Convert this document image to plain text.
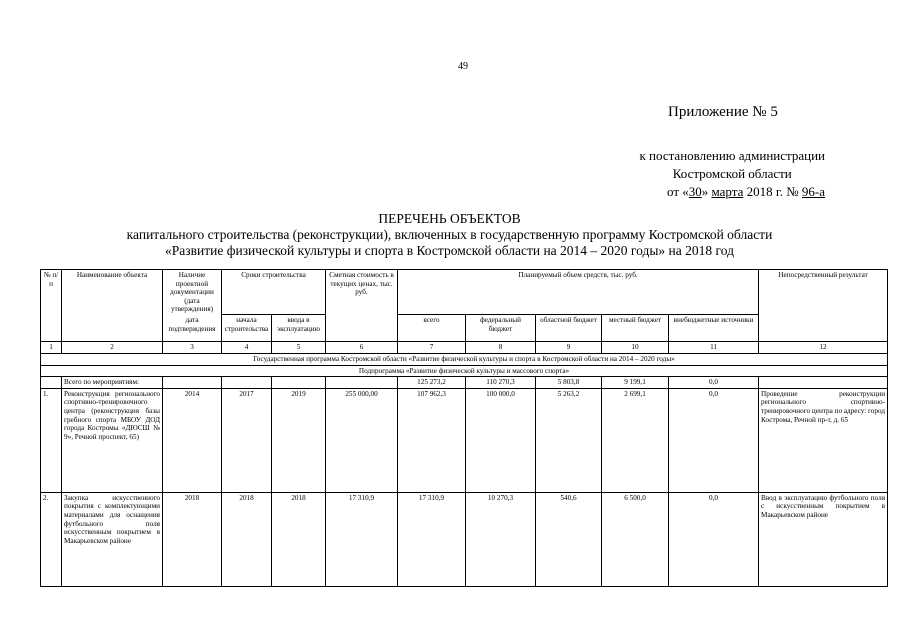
49
Приложение № 5
к постановлению администрации
Костромской области
от «30» марта 2018 г. № 96-а
ПЕРЕЧЕНЬ ОБЪЕКТОВ
капитального строительства (реконструкции), включенных в государственную программу Костромской области
«Развитие физической культуры и спорта в Костромской области на 2014 – 2020 годы» на 2018 год
№ п/п	Наименование объекта	Наличие проектной документации (дата утверждения)	Сроки строительства		Сметная стоимость в текущих ценах, тыс. руб.	Планируемый объем средств, тыс. руб.					Непосредственный результат
		дата подтверждения	начала строительства	ввода в эксплуатацию		всего	федеральный бюджет	областной бюджет	местный бюджет	внебюджетные источники	
1	2	3	4	5	6	7	8	9	10	11	12
Государственная программа Костромской области «Развитие физической культуры и спорта в Костромской области на 2014 – 2020 годы»											
Подпрограмма «Развитие физической культуры и массового спорта»											
	Всего по мероприятиям:					125 273,2	110 270,3	5 803,8	9 199,1	0,0	
1.	Реконструкция регионального спортивно-тренировочного центра (реконструкция базы гребного спорта МБОУ ДОД города Костромы «ДЮСШ № 9», Речной проспект, 65)	2014	2017	2019	255 000,00	107 962,3	100 000,0	5 263,2	2 699,1	0,0	Проведение реконструкции регионального спортивно-тренировочного центра по адресу: город Кострома, Речной пр-т, д. 65
2.	Закупка искусственного покрытия с комплектующими материалами для оснащения футбольного поля искусственным покрытием в Макарьевском районе	2018	2018	2018	17 310,9	17 310,9	10 270,3	540,6	6 500,0	0,0	Ввод в эксплуатацию футбольного поля с искусственным покрытием в Макарьевском районе
